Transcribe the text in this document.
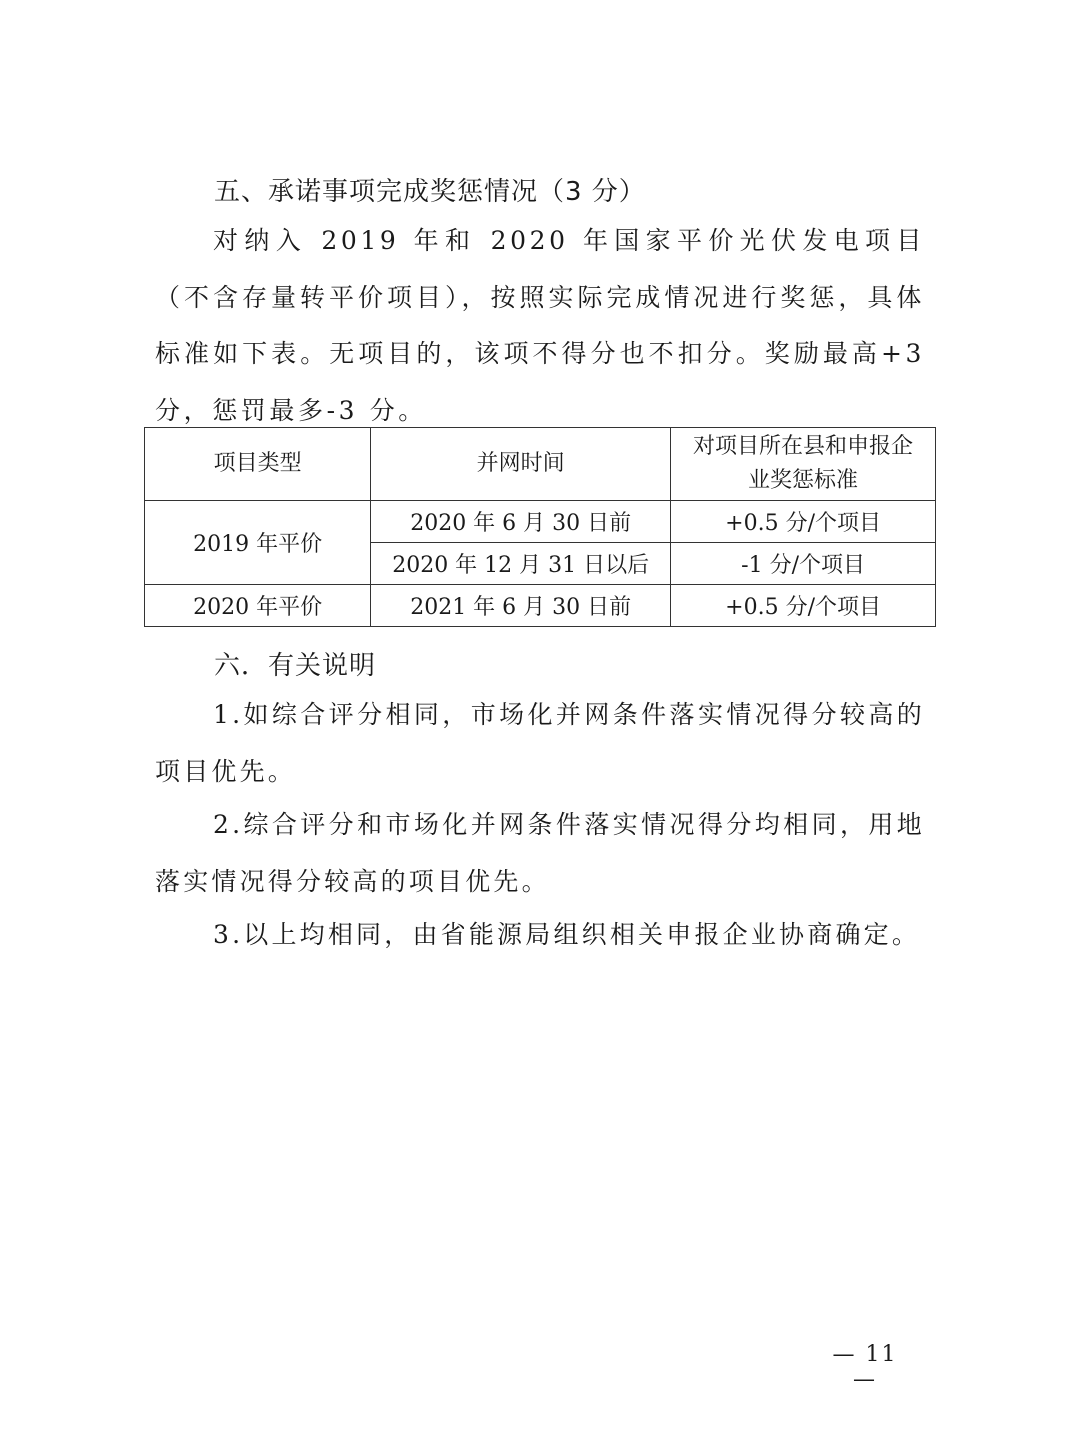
五、承诺事项完成奖惩情况（3 分）
对纳入 2019 年和 2020 年国家平价光伏发电项目（不含存量转平价项目），按照实际完成情况进行奖惩，具体标准如下表。无项目的，该项不得分也不扣分。奖励最高+3 分，惩罚最多-3 分。
项目类型	并网时间	对项目所在县和申报企业奖惩标准
2019 年平价	2020 年 6 月 30 日前	+0.5 分/个项目
	2020 年 12 月 31 日以后	-1 分/个项目
2020 年平价	2021 年 6 月 30 日前	+0.5 分/个项目
六．有关说明
1.如综合评分相同，市场化并网条件落实情况得分较高的项目优先。
2.综合评分和市场化并网条件落实情况得分均相同，用地落实情况得分较高的项目优先。
3.以上均相同，由省能源局组织相关申报企业协商确定。
— 11 —
